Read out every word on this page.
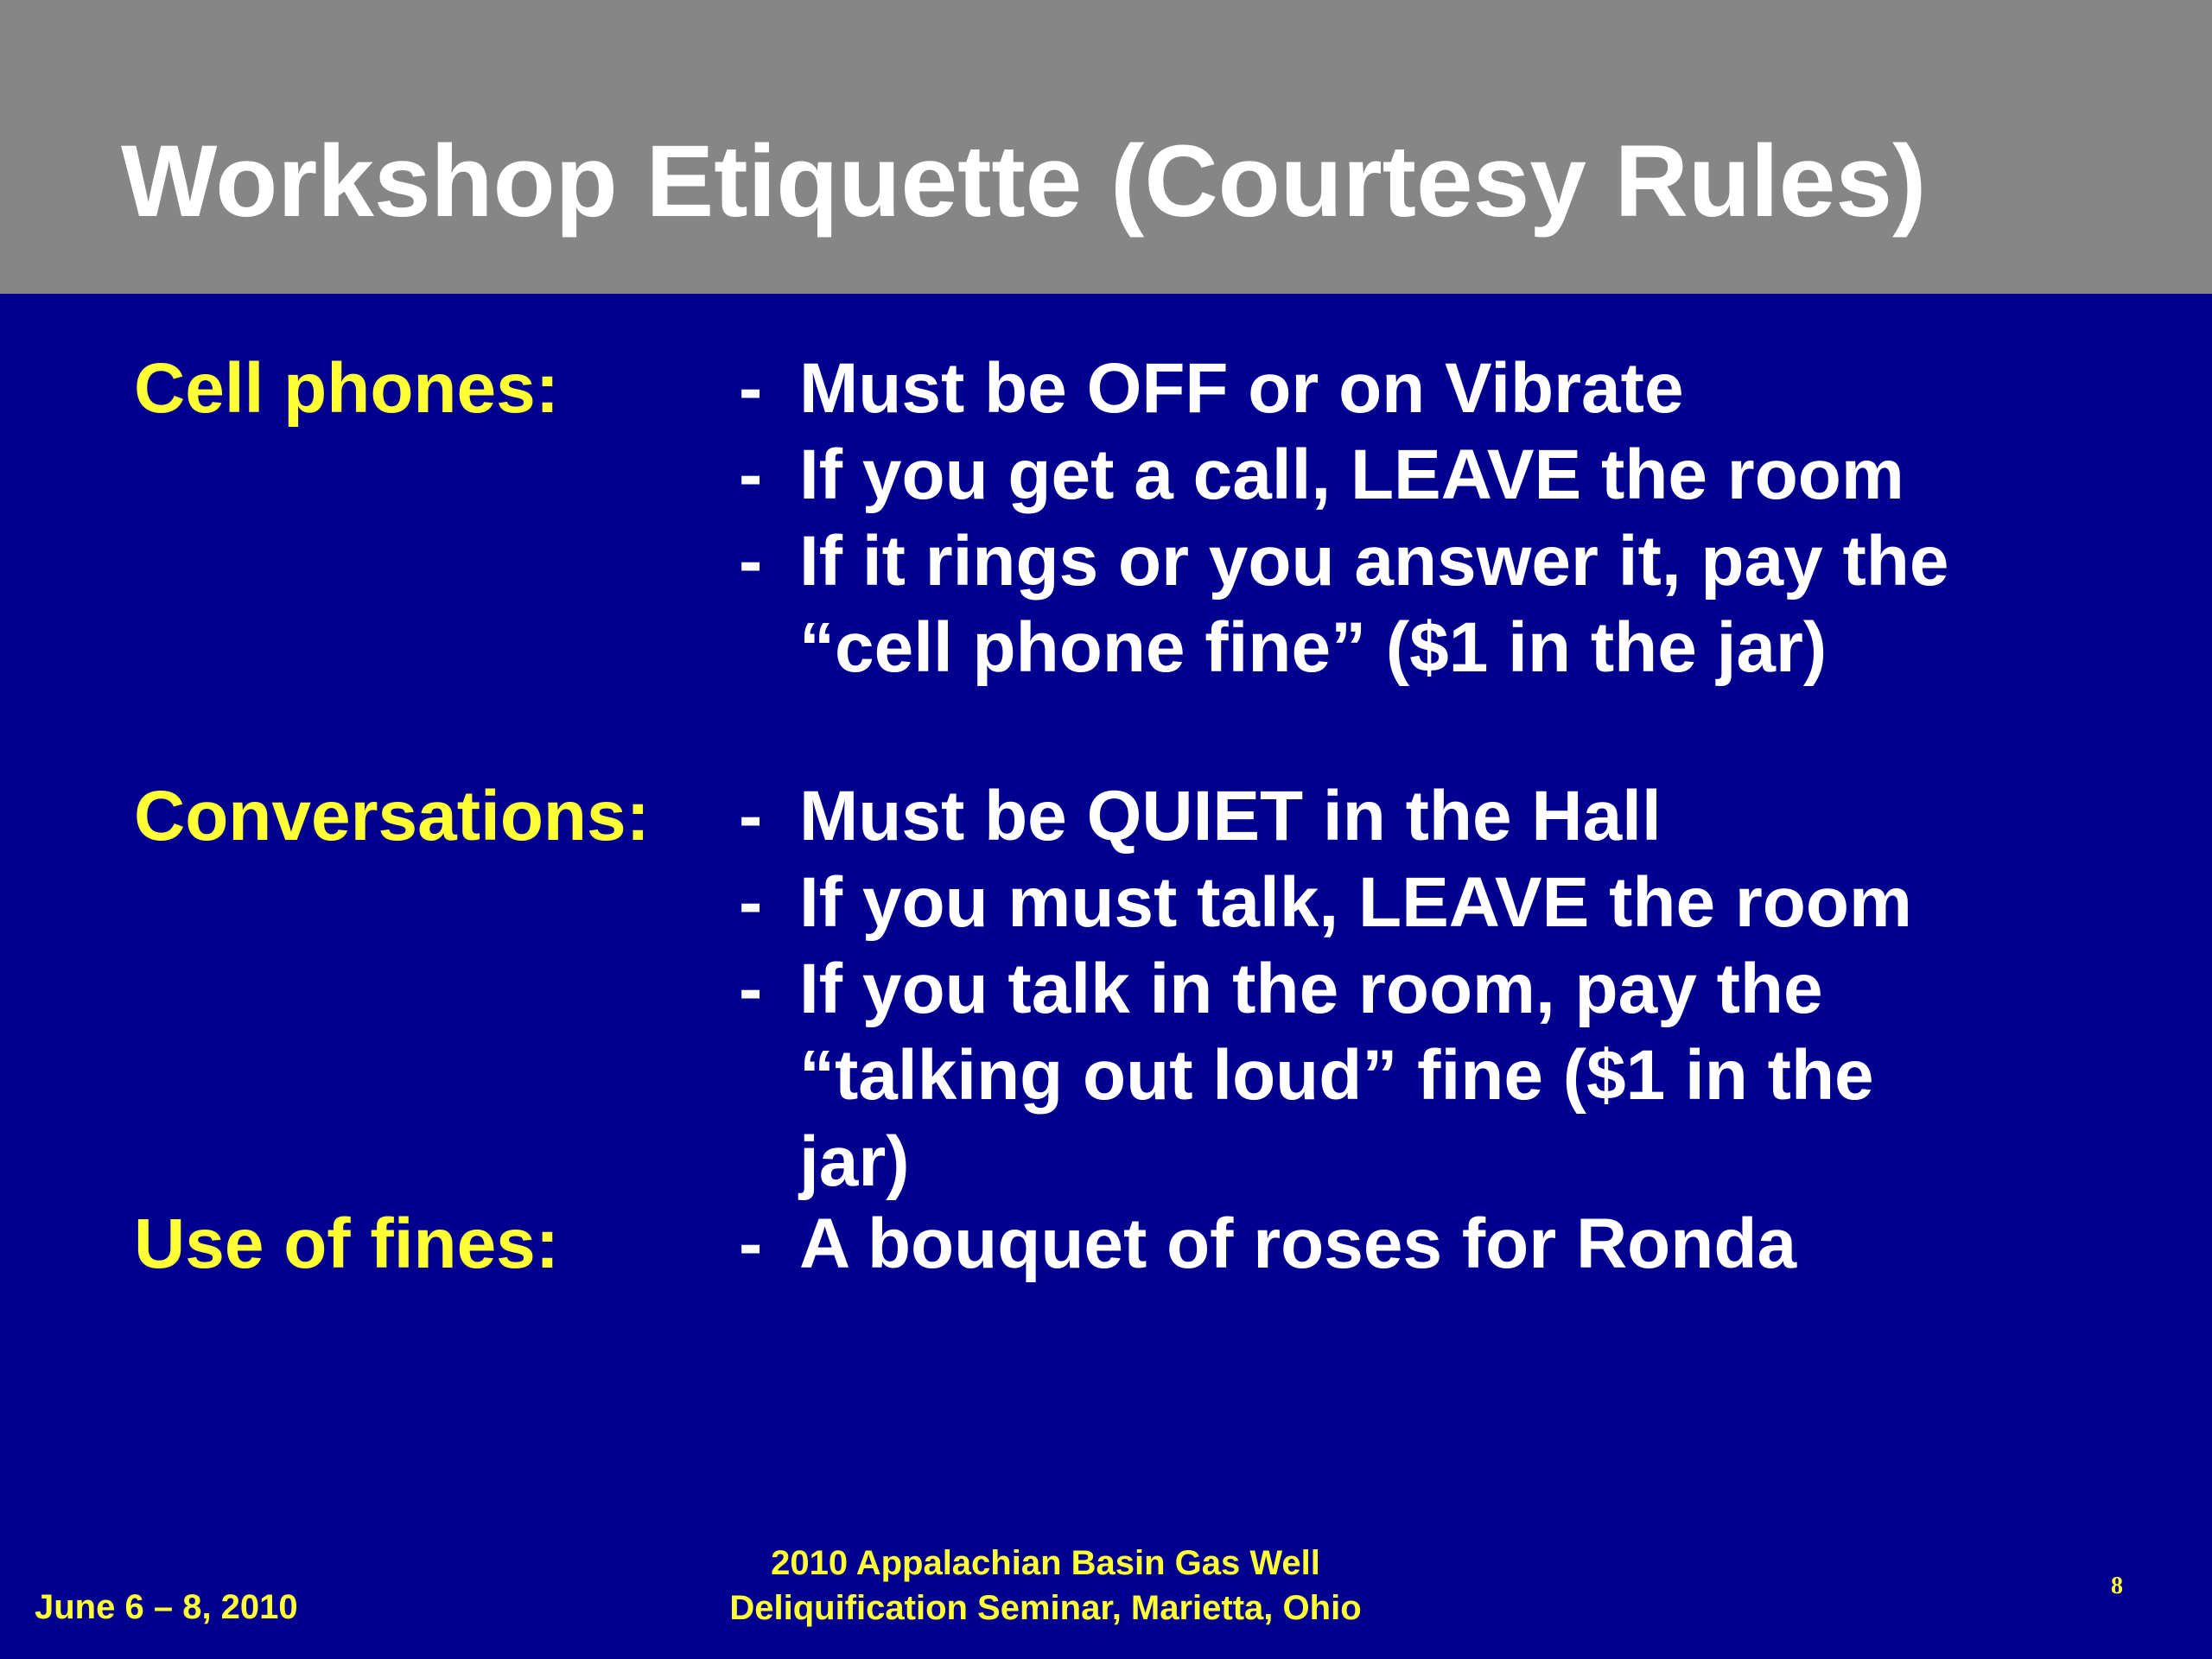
Workshop Etiquette (Courtesy Rules)
Cell phones:	- Must be OFF or on Vibrate
- If you get a call, LEAVE the room
- If it rings or you answer it, pay the “cell phone fine” ($1 in the jar)
Conversations: - Must be QUIET in the Hall
- If you must talk, LEAVE the room
- If you talk in the room, pay the “talking out loud” fine ($1 in the jar)
Use of fines:	- A bouquet of roses for Ronda
June 6 – 8, 2010
2010 Appalachian Basin Gas Well
Deliquification Seminar, Marietta, Ohio
8
